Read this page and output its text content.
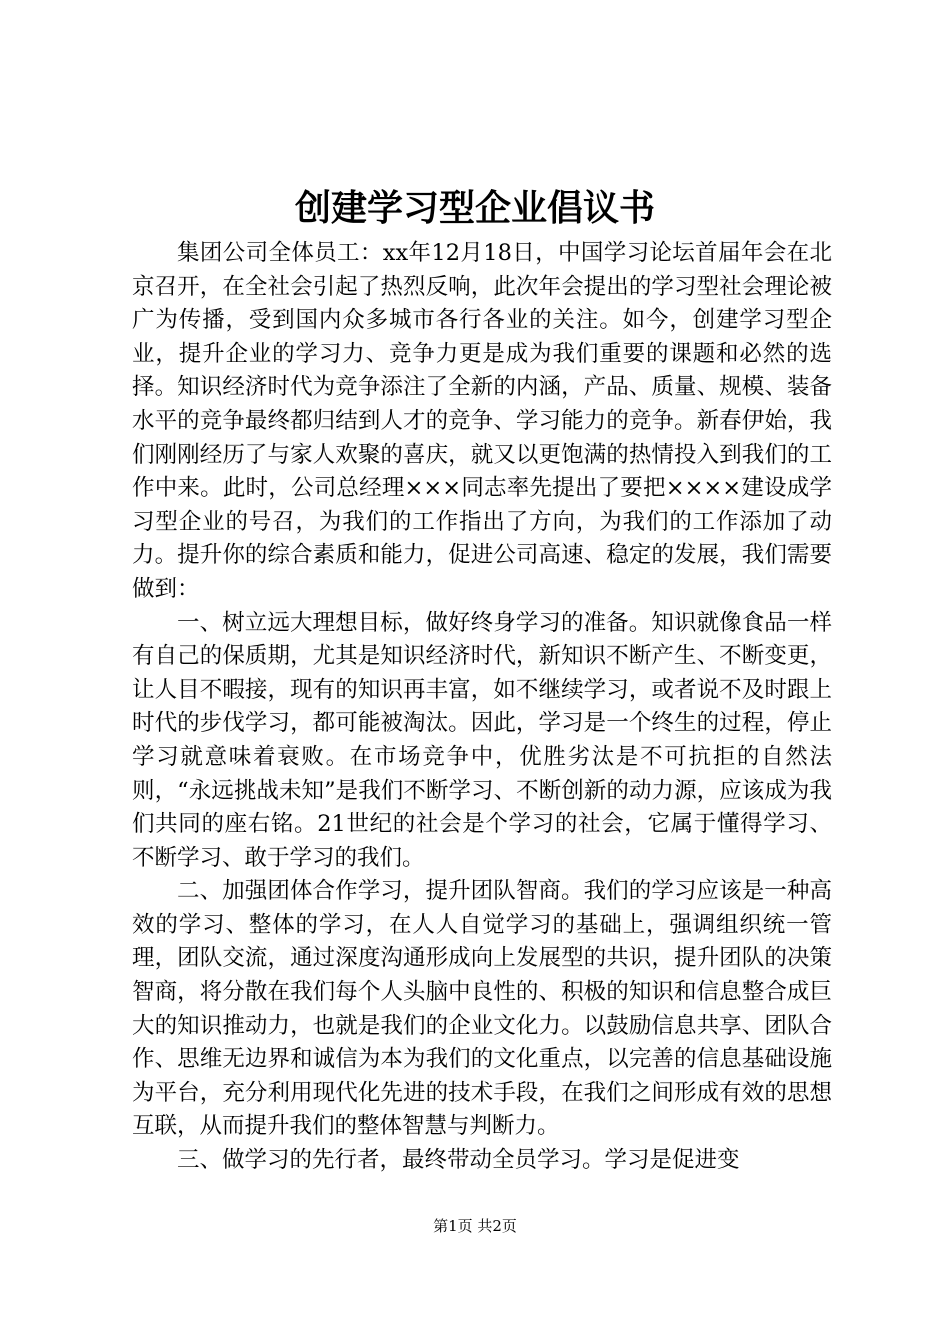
创建学习型企业倡议书

集团公司全体员工：xx年12月18日，中国学习论坛首届年会在北京召开，在全社会引起了热烈反响，此次年会提出的学习型社会理论被广为传播，受到国内众多城市各行各业的关注。如今，创建学习型企业，提升企业的学习力、竞争力更是成为我们重要的课题和必然的选择。知识经济时代为竞争添注了全新的内涵，产品、质量、规模、装备水平的竞争最终都归结到人才的竞争、学习能力的竞争。新春伊始，我们刚刚经历了与家人欢聚的喜庆，就又以更饱满的热情投入到我们的工作中来。此时，公司总经理×××同志率先提出了要把××××建设成学习型企业的号召，为我们的工作指出了方向，为我们的工作添加了动力。提升你的综合素质和能力，促进公司高速、稳定的发展，我们需要做到：

一、树立远大理想目标，做好终身学习的准备。知识就像食品一样有自己的保质期，尤其是知识经济时代，新知识不断产生、不断变更，让人目不暇接，现有的知识再丰富，如不继续学习，或者说不及时跟上时代的步伐学习，都可能被淘汰。因此，学习是一个终生的过程，停止学习就意味着衰败。在市场竞争中，优胜劣汰是不可抗拒的自然法则，“永远挑战未知”是我们不断学习、不断创新的动力源，应该成为我们共同的座右铭。21世纪的社会是个学习的社会，它属于懂得学习、不断学习、敢于学习的我们。

二、加强团体合作学习，提升团队智商。我们的学习应该是一种高效的学习、整体的学习，在人人自觉学习的基础上，强调组织统一管理，团队交流，通过深度沟通形成向上发展型的共识，提升团队的决策智商，将分散在我们每个人头脑中良性的、积极的知识和信息整合成巨大的知识推动力，也就是我们的企业文化力。以鼓励信息共享、团队合作、思维无边界和诚信为本为我们的文化重点，以完善的信息基础设施为平台，充分利用现代化先进的技术手段，在我们之间形成有效的思想互联，从而提升我们的整体智慧与判断力。

三、做学习的先行者，最终带动全员学习。学习是促进变

第1页 共2页
